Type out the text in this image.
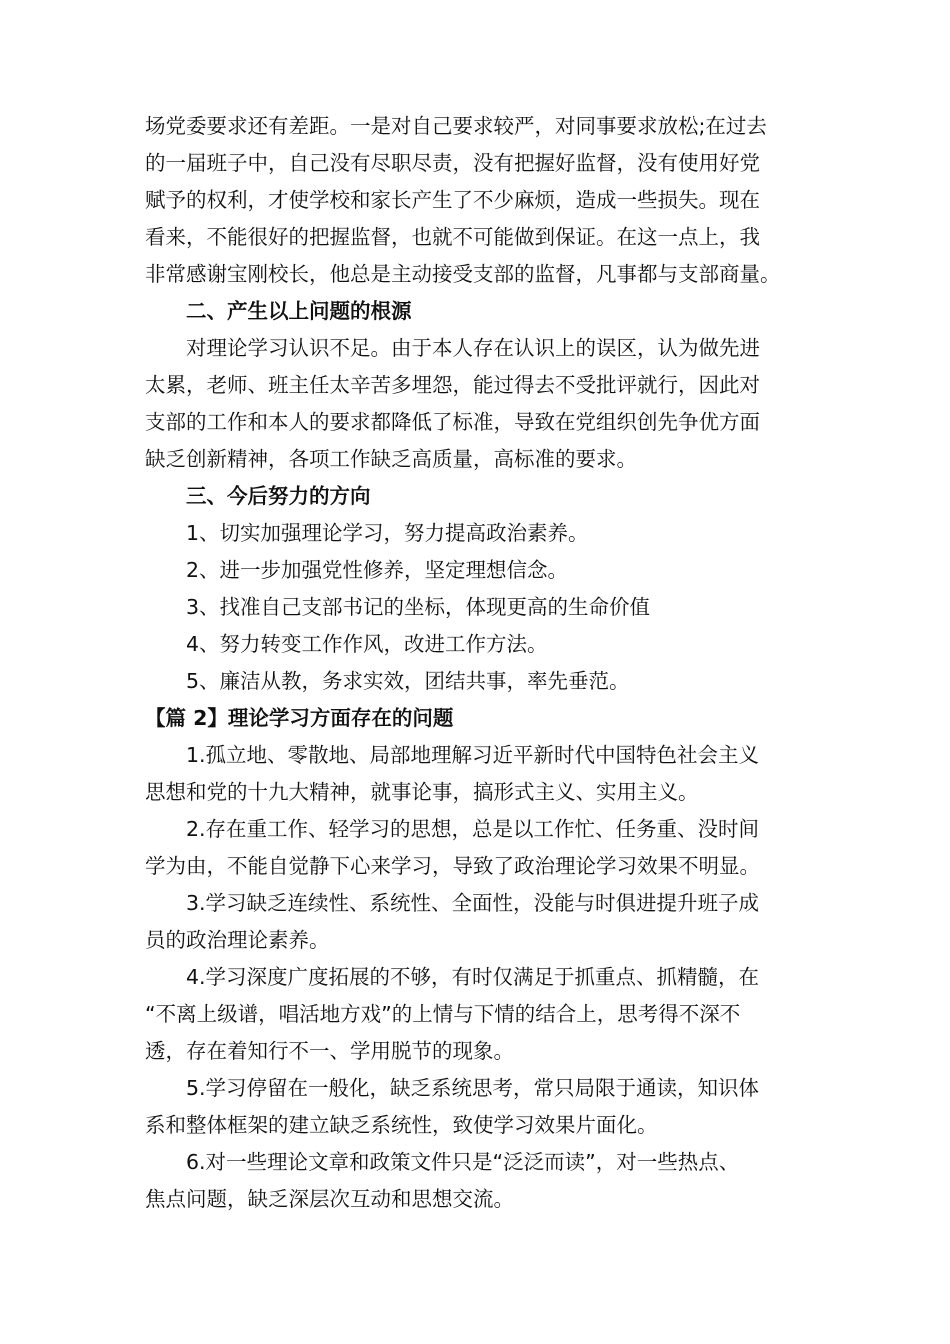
场党委要求还有差距。一是对自己要求较严，对同事要求放松;在过去
的一届班子中，自己没有尽职尽责，没有把握好监督，没有使用好党
赋予的权利，才使学校和家长产生了不少麻烦，造成一些损失。现在
看来，不能很好的把握监督，也就不可能做到保证。在这一点上，我
非常感谢宝刚校长，他总是主动接受支部的监督，凡事都与支部商量。
二、产生以上问题的根源
对理论学习认识不足。由于本人存在认识上的误区，认为做先进
太累，老师、班主任太辛苦多埋怨，能过得去不受批评就行，因此对
支部的工作和本人的要求都降低了标准，导致在党组织创先争优方面
缺乏创新精神，各项工作缺乏高质量，高标准的要求。
三、今后努力的方向
1、切实加强理论学习，努力提高政治素养。
2、进一步加强党性修养，坚定理想信念。
3、找准自己支部书记的坐标，体现更高的生命价值
4、努力转变工作作风，改进工作方法。
5、廉洁从教，务求实效，团结共事，率先垂范。
【篇 2】理论学习方面存在的问题
1.孤立地、零散地、局部地理解习近平新时代中国特色社会主义
思想和党的十九大精神，就事论事，搞形式主义、实用主义。
2.存在重工作、轻学习的思想，总是以工作忙、任务重、没时间
学为由，不能自觉静下心来学习，导致了政治理论学习效果不明显。
3.学习缺乏连续性、系统性、全面性，没能与时俱进提升班子成
员的政治理论素养。
4.学习深度广度拓展的不够，有时仅满足于抓重点、抓精髓，在
“不离上级谱，唱活地方戏”的上情与下情的结合上，思考得不深不
透，存在着知行不一、学用脱节的现象。
5.学习停留在一般化，缺乏系统思考，常只局限于通读，知识体
系和整体框架的建立缺乏系统性，致使学习效果片面化。
6.对一些理论文章和政策文件只是“泛泛而读”，对一些热点、
焦点问题，缺乏深层次互动和思想交流。
